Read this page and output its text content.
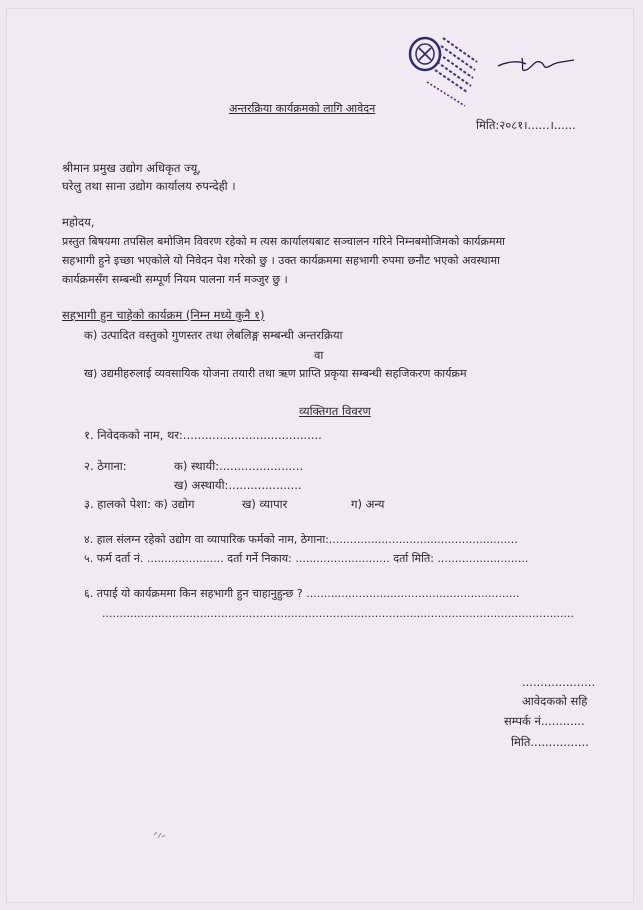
अन्तरक्रिया कार्यक्रमको लागि आवेदन
मिति:२०८१।......।......
श्रीमान प्रमुख उद्योग अधिकृत ज्यू,
घरेलु तथा साना उद्योग कार्यालय रुपन्देही ।
महोदय,
प्रस्तुत बिषयमा तपसिल बमोजिम विवरण रहेको म त्यस कार्यालयबाट सञ्चालन गरिने निम्नबमोजिमको कार्यक्रममा
सहभागी हुने इच्छा भएकोले यो निवेदन पेश गरेको छु । उक्त कार्यक्रममा सहभागी रुपमा छनौट भएको अवस्थामा
कार्यक्रमसँग सम्बन्धी सम्पूर्ण नियम पालना गर्न मञ्जुर छु ।
सहभागी हुन चाहेको कार्यक्रम (निम्न मध्ये कुनै १)
क) उत्पादित वस्तुको गुणस्तर तथा लेबलिङ्ग सम्बन्धी अन्तरक्रिया
वा
ख) उद्यमीहरुलाई व्यवसायिक योजना तयारी तथा ऋण प्राप्ति प्रकृया सम्बन्धी सहजिकरण कार्यक्रम
व्यक्तिगत विवरण
१. निवेदकको नाम, थर:......................................
२. ठेगाना:	क) स्थायी:.......................
ख) अस्थायी:....................
३. हालको पेशा: क) उद्योग	ख) व्यापार	ग) अन्य
४. हाल संलग्न रहेको उद्योग वा व्यापारिक फर्मको नाम, ठेगाना:......................................................
५. फर्म दर्ता नं. ...................... दर्ता गर्ने निकाय: ........................... दर्ता मिति: ..........................
६. तपाई यो कार्यक्रममा किन सहभागी हुन चाहानुहुन्छ ? .............................................................
.......................................................................................................................................
....................
आवेदकको सहि
सम्पर्क नं............
मिति................
